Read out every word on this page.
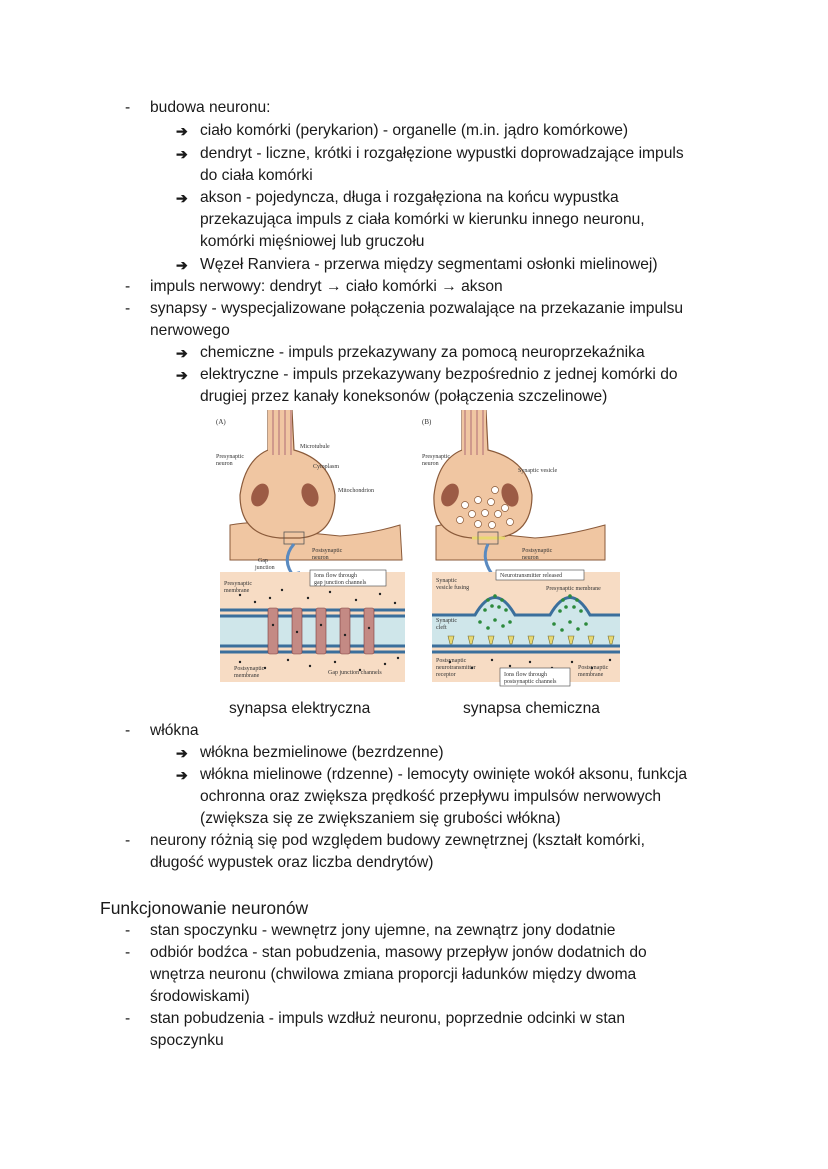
- budowa neuronu:
➔ ciało komórki (perykarion) - organelle (m.in. jądro komórkowe)
➔ dendryt - liczne, krótki i rozgałęzione wypustki doprowadzające impuls
do ciała komórki
➔ akson - pojedyncza, długa i rozgałęziona na końcu wypustka
przekazująca impuls z ciała komórki w kierunku innego neuronu,
komórki mięśniowej lub gruczołu
➔ Węzeł Ranviera - przerwa między segmentami osłonki mielinowej)
- impuls nerwowy: dendryt → ciało komórki → akson
- synapsy - wyspecjalizowane połączenia pozwalające na przekazanie impulsu
nerwowego
➔ chemiczne - impuls przekazywany za pomocą neuroprzekaźnika
➔ elektryczne - impuls przekazywany bezpośrednio z jednej komórki do
drugiej przez kanały koneksonów (połączenia szczelinowe)
(A)
Presynaptic
neuron
Microtubule
Cytoplasm
Mitochondrion
Gap
junction
Postsynaptic
neuron
Presynaptic
membrane
Ions flow through
gap junction channels
Postsynaptic
membrane	Gap junction channels
(B)
Presynaptic
neuron
Synaptic vesicle
Postsynaptic
neuron
Neurotransmitter released
Synaptic
vesicle fusing	Presynaptic membrane
Synaptic
cleft
Postsynaptic
neurotransmitter
receptor	Ions flow through
postsynaptic channels
Postsynaptic
membrane
synapsa elektryczna	synapsa chemiczna
- włókna
➔ włókna bezmielinowe (bezrdzenne)
➔ włókna mielinowe (rdzenne) - lemocyty owinięte wokół aksonu, funkcja
ochronna oraz zwiększa prędkość przepływu impulsów nerwowych
(zwiększa się ze zwiększaniem się grubości włókna)
- neurony różnią się pod względem budowy zewnętrznej (kształt komórki,
długość wypustek oraz liczba dendrytów)
Funkcjonowanie neuronów
- stan spoczynku - wewnętrz jony ujemne, na zewnątrz jony dodatnie
- odbiór bodźca - stan pobudzenia, masowy przepływ jonów dodatnich do
wnętrza neuronu (chwilowa zmiana proporcji ładunków między dwoma
środowiskami)
- stan pobudzenia - impuls wzdłuż neuronu, poprzednie odcinki w stan
spoczynku
